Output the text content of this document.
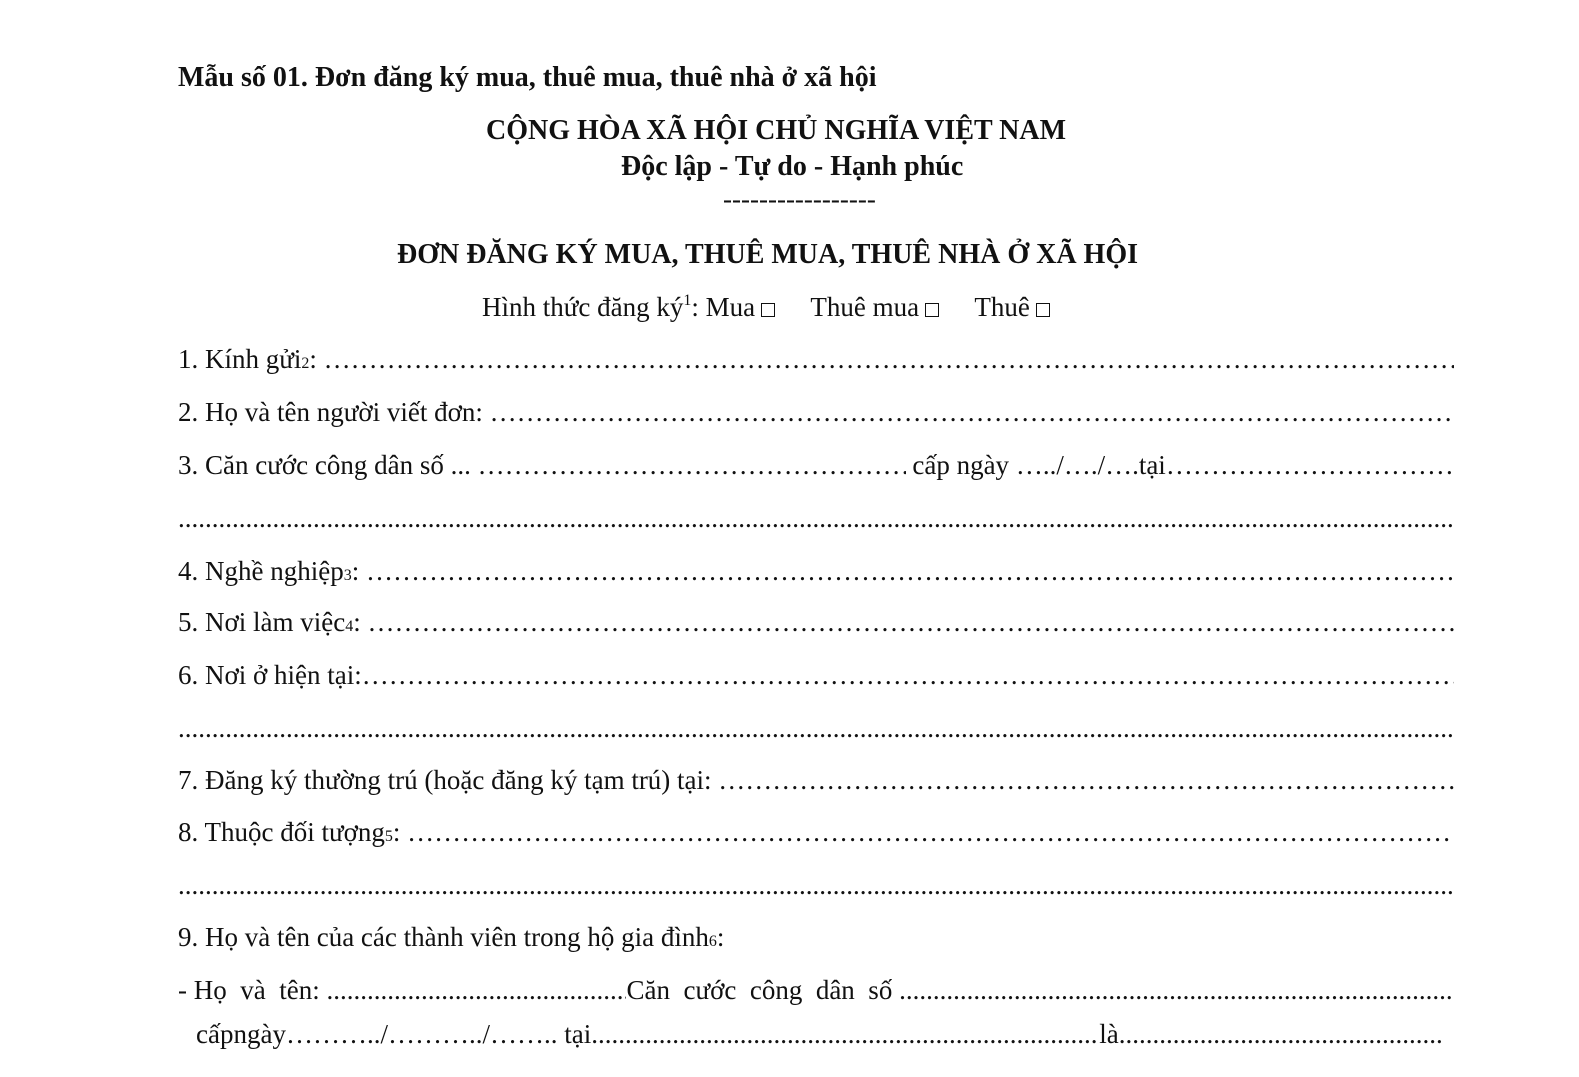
Mẫu số 01. Đơn đăng ký mua, thuê mua, thuê nhà ở xã hội
CỘNG HÒA XÃ HỘI CHỦ NGHĨA VIỆT NAM
Độc lập - Tự do - Hạnh phúc
-----------------
ĐƠN ĐĂNG KÝ MUA, THUÊ MUA, THUÊ NHÀ Ở XÃ HỘI
Hình thức đăng $ký^1$: Mua Thuê mua Thuê
1. Kính gửi 2 :
……………………………………………………………………………………………………………………………………………………………………………………………………………
2. Họ và tên người viết đơn:
……………………………………………………………………………………………………………………………………………………………………………………………………………
3. Căn cước công dân số ... ……………………………………………………………………………………………………………………………………………………………………………………………………………	cấp ngày …../…./….tại
……………………………………………………………………………………………………………………………………………………………………………………………………………
.....
4. Nghề nghiệp 3 :
……………………………………………………………………………………………………………………………………………………………………………………………………………
5. Nơi làm việc 4 :
……………………………………………………………………………………………………………………………………………………………………………………………………………
6. Nơi ở hiện tại:
……………………………………………………………………………………………………………………………………………………………………………………………………………
.....
7. Đăng ký thường trú (hoặc đăng ký tạm trú) tại:
……………………………………………………………………………………………………………………………………………………………………………………………………………
8. Thuộc đối tượng 5 :
……………………………………………………………………………………………………………………………………………………………………………………………………………
.....
9. Họ và tên của các thành viên trong hộ gia đình 6 :
- Họ  và  tên: .....	Căn  cước  công  dân  số
.....
cấpngày………../………../…….. tại .....	là
.....
